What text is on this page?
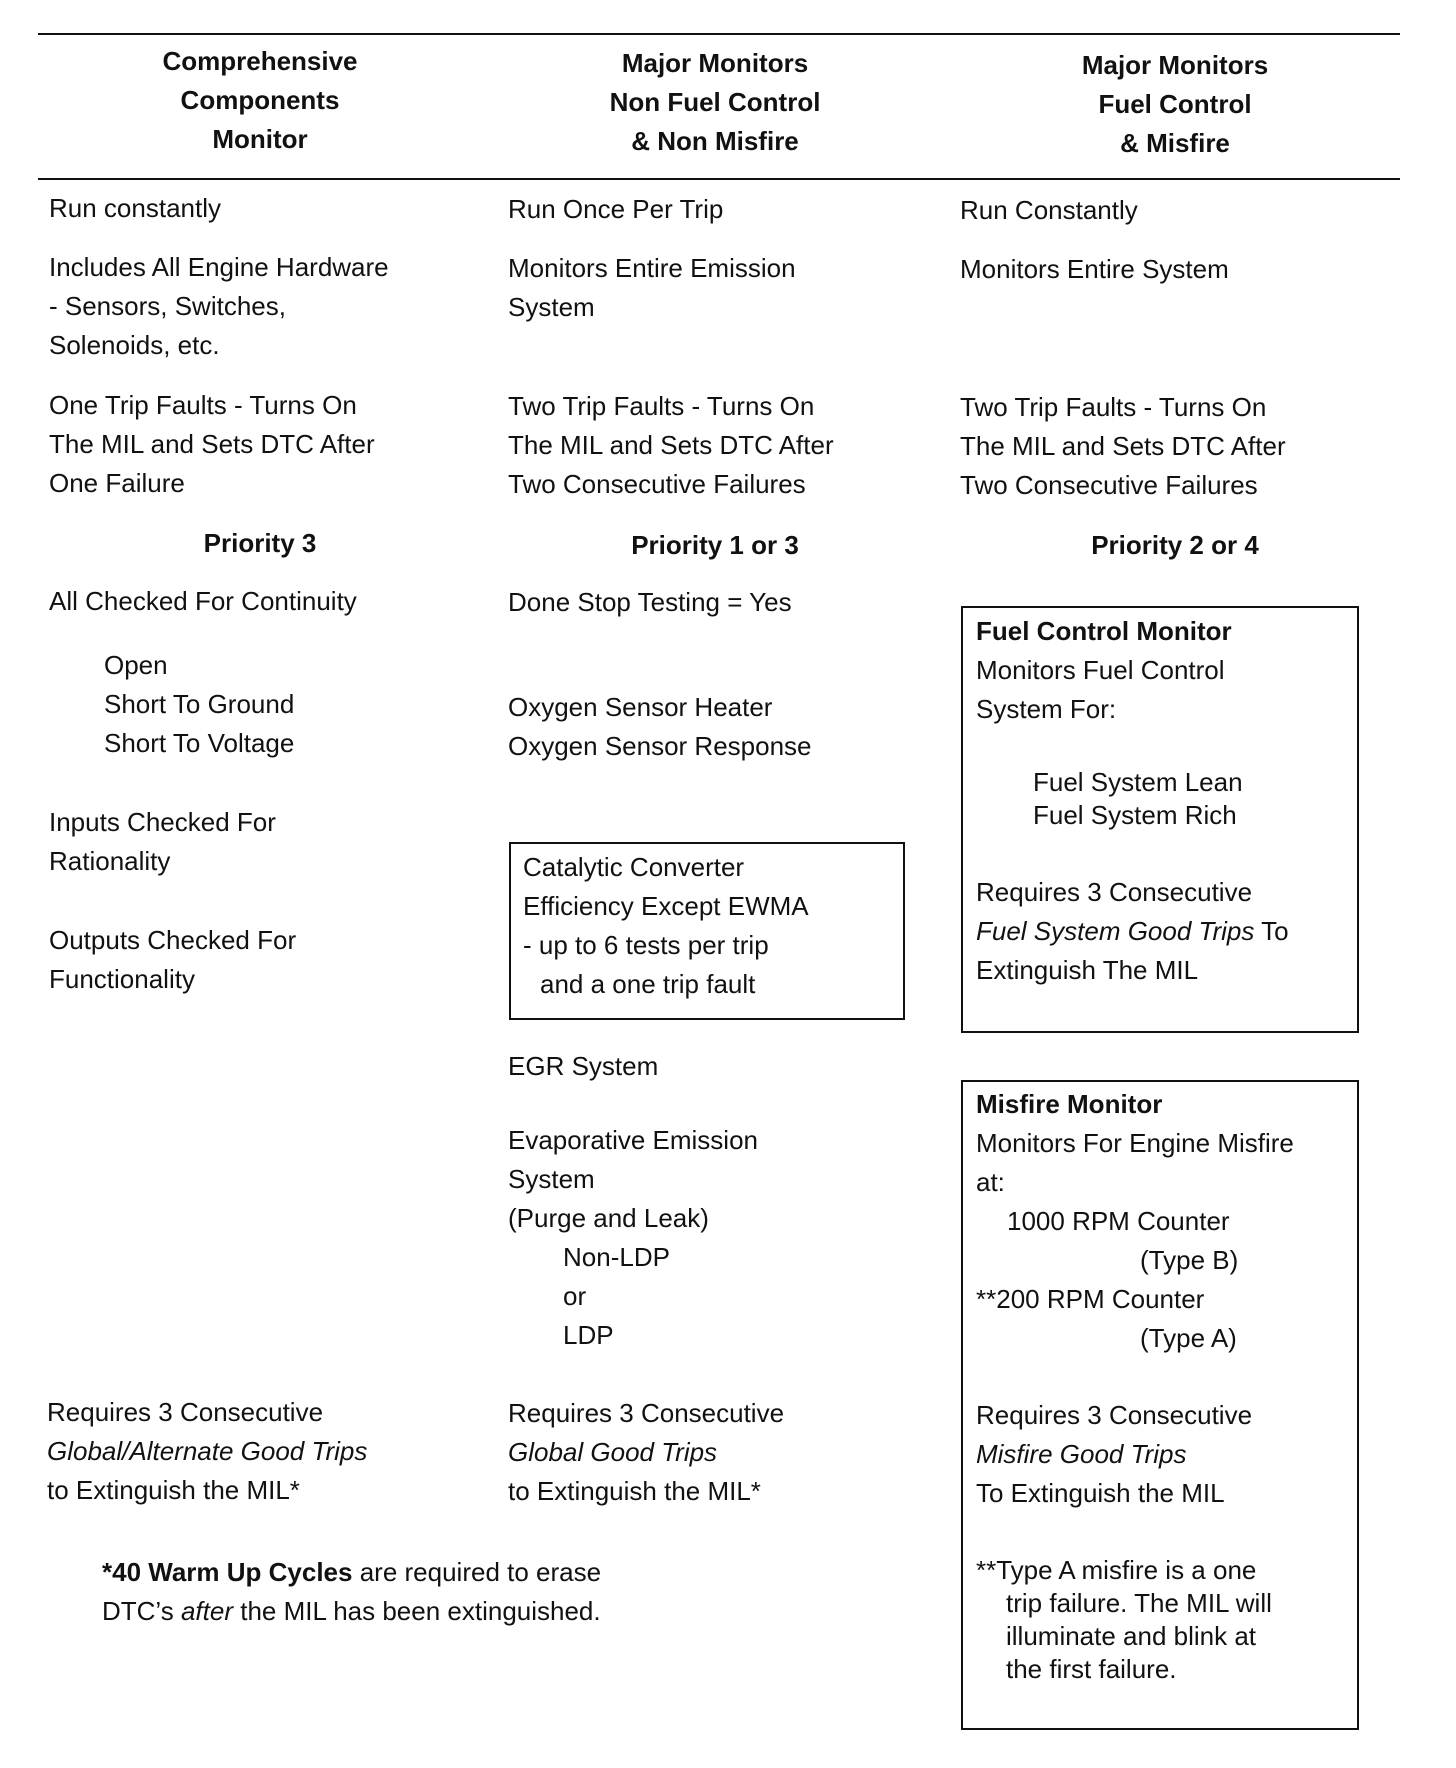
Comprehensive
Components
Monitor
Major Monitors
Non Fuel Control
& Non Misfire
Major Monitors
Fuel Control
& Misfire
Run constantly
Includes All Engine Hardware
- Sensors, Switches,
Solenoids, etc.
One Trip Faults - Turns On
The MIL and Sets DTC After
One Failure
Priority 3
All Checked For Continuity
Open
Short To Ground
Short To Voltage
Inputs Checked For
Rationality
Outputs Checked For
Functionality
Requires 3 Consecutive
Global/Alternate Good Trips
to Extinguish the MIL*
*40 Warm Up Cycles are required to erase
DTC’s after the MIL has been extinguished.
Run Once Per Trip
Monitors Entire Emission
System
Two Trip Faults - Turns On
The MIL and Sets DTC After
Two Consecutive Failures
Priority 1 or 3
Done Stop Testing = Yes
Oxygen Sensor Heater
Oxygen Sensor Response
Catalytic Converter
Efficiency Except EWMA
- up to 6 tests per trip
and a one trip fault
EGR System
Evaporative Emission
System
(Purge and Leak)
Non-LDP
or
LDP
Requires 3 Consecutive
Global Good Trips
to Extinguish the MIL*
Run Constantly
Monitors Entire System
Two Trip Faults - Turns On
The MIL and Sets DTC After
Two Consecutive Failures
Priority 2 or 4
Fuel Control Monitor
Monitors Fuel Control
System For:
Fuel System Lean
Fuel System Rich
Requires 3 Consecutive
Fuel System Good Trips To
Extinguish The MIL
Misfire Monitor
Monitors For Engine Misfire
at:
1000 RPM Counter
(Type B)
**200 RPM Counter
(Type A)
Requires 3 Consecutive
Misfire Good Trips
To Extinguish the MIL
**Type A misfire is a one
trip failure. The MIL will
illuminate and blink at
the first failure.
